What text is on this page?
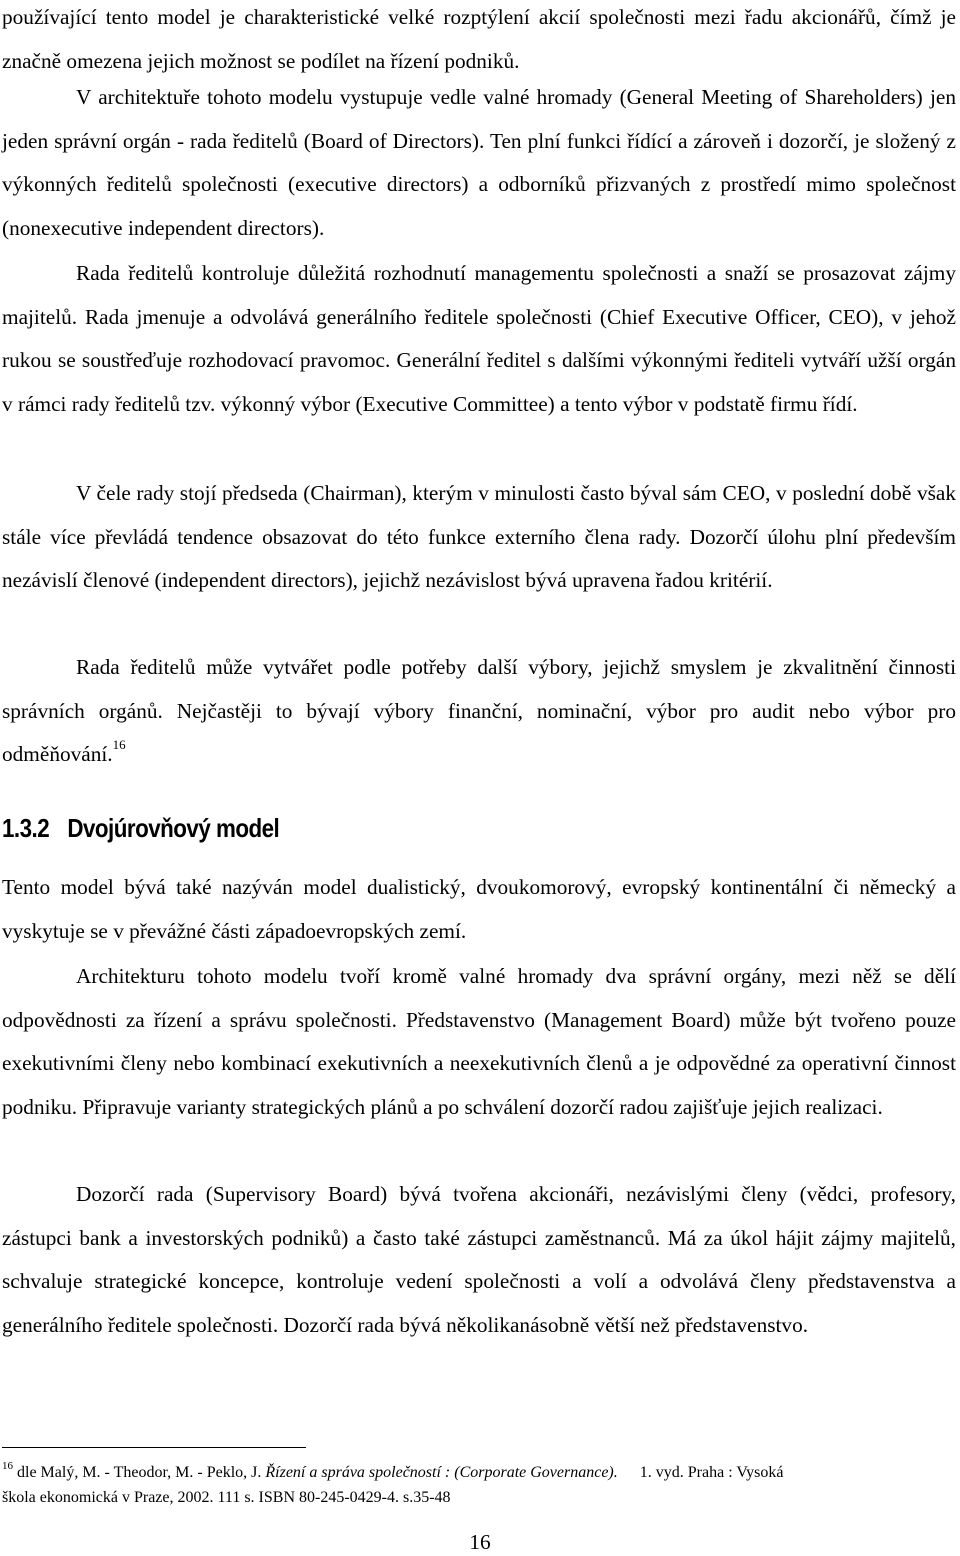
používající tento model je charakteristické velké rozptýlení akcií společnosti mezi řadu akcionářů, čímž je značně omezena jejich možnost se podílet na řízení podniků.

V architektuře tohoto modelu vystupuje vedle valné hromady (General Meeting of Shareholders) jen jeden správní orgán - rada ředitelů (Board of Directors). Ten plní funkci řídící a zároveň i dozorčí, je složený z výkonných ředitelů společnosti (executive directors) a odborníků přizvaných z prostředí mimo společnost (nonexecutive independent directors).

Rada ředitelů kontroluje důležitá rozhodnutí managementu společnosti a snaží se prosazovat zájmy majitelů. Rada jmenuje a odvolává generálního ředitele společnosti (Chief Executive Officer, CEO), v jehož rukou se soustřeďuje rozhodovací pravomoc. Generální ředitel s dalšími výkonnými řediteli vytváří užší orgán v rámci rady ředitelů tzv. výkonný výbor (Executive Committee) a tento výbor v podstatě firmu řídí.

V čele rady stojí předseda (Chairman), kterým v minulosti často býval sám CEO, v poslední době však stále více převládá tendence obsazovat do této funkce externího člena rady. Dozorčí úlohu plní především nezávislí členové (independent directors), jejichž nezávislost bývá upravena řadou kritérií.

Rada ředitelů může vytvářet podle potřeby další výbory, jejichž smyslem je zkvalitnění činnosti správních orgánů. Nejčastěji to bývají výbory finanční, nominační, výbor pro audit nebo výbor pro odměňování.$^{16}$

1.3.2 Dvojúrovňový model

Tento model bývá také nazýván model dualistický, dvoukomorový, evropský kontinentální či německý a vyskytuje se v převážné části západoevropských zemí.

Architekturu tohoto modelu tvoří kromě valné hromady dva správní orgány, mezi něž se dělí odpovědnosti za řízení a správu společnosti. Představenstvo (Management Board) může být tvořeno pouze exekutivními členy nebo kombinací exekutivních a neexekutivních členů a je odpovědné za operativní činnost podniku. Připravuje varianty strategických plánů a po schválení dozorčí radou zajišťuje jejich realizaci.

Dozorčí rada (Supervisory Board) bývá tvořena akcionáři, nezávislými členy (vědci, profesory, zástupci bank a investorských podniků) a často také zástupci zaměstnanců. Má za úkol hájit zájmy majitelů, schvaluje strategické koncepce, kontroluje vedení společnosti a volí a odvolává členy představenstva a generálního ředitele společnosti. Dozorčí rada bývá několikanásobně větší než představenstvo.

$^{16}$ dle Malý, M. - Theodor, M. - Peklo, J. Řízení a správa společností : (Corporate Governance). 1. vyd. Praha : Vysoká
škola ekonomická v Praze, 2002. 111 s. ISBN 80-245-0429-4. s.35-48

16
